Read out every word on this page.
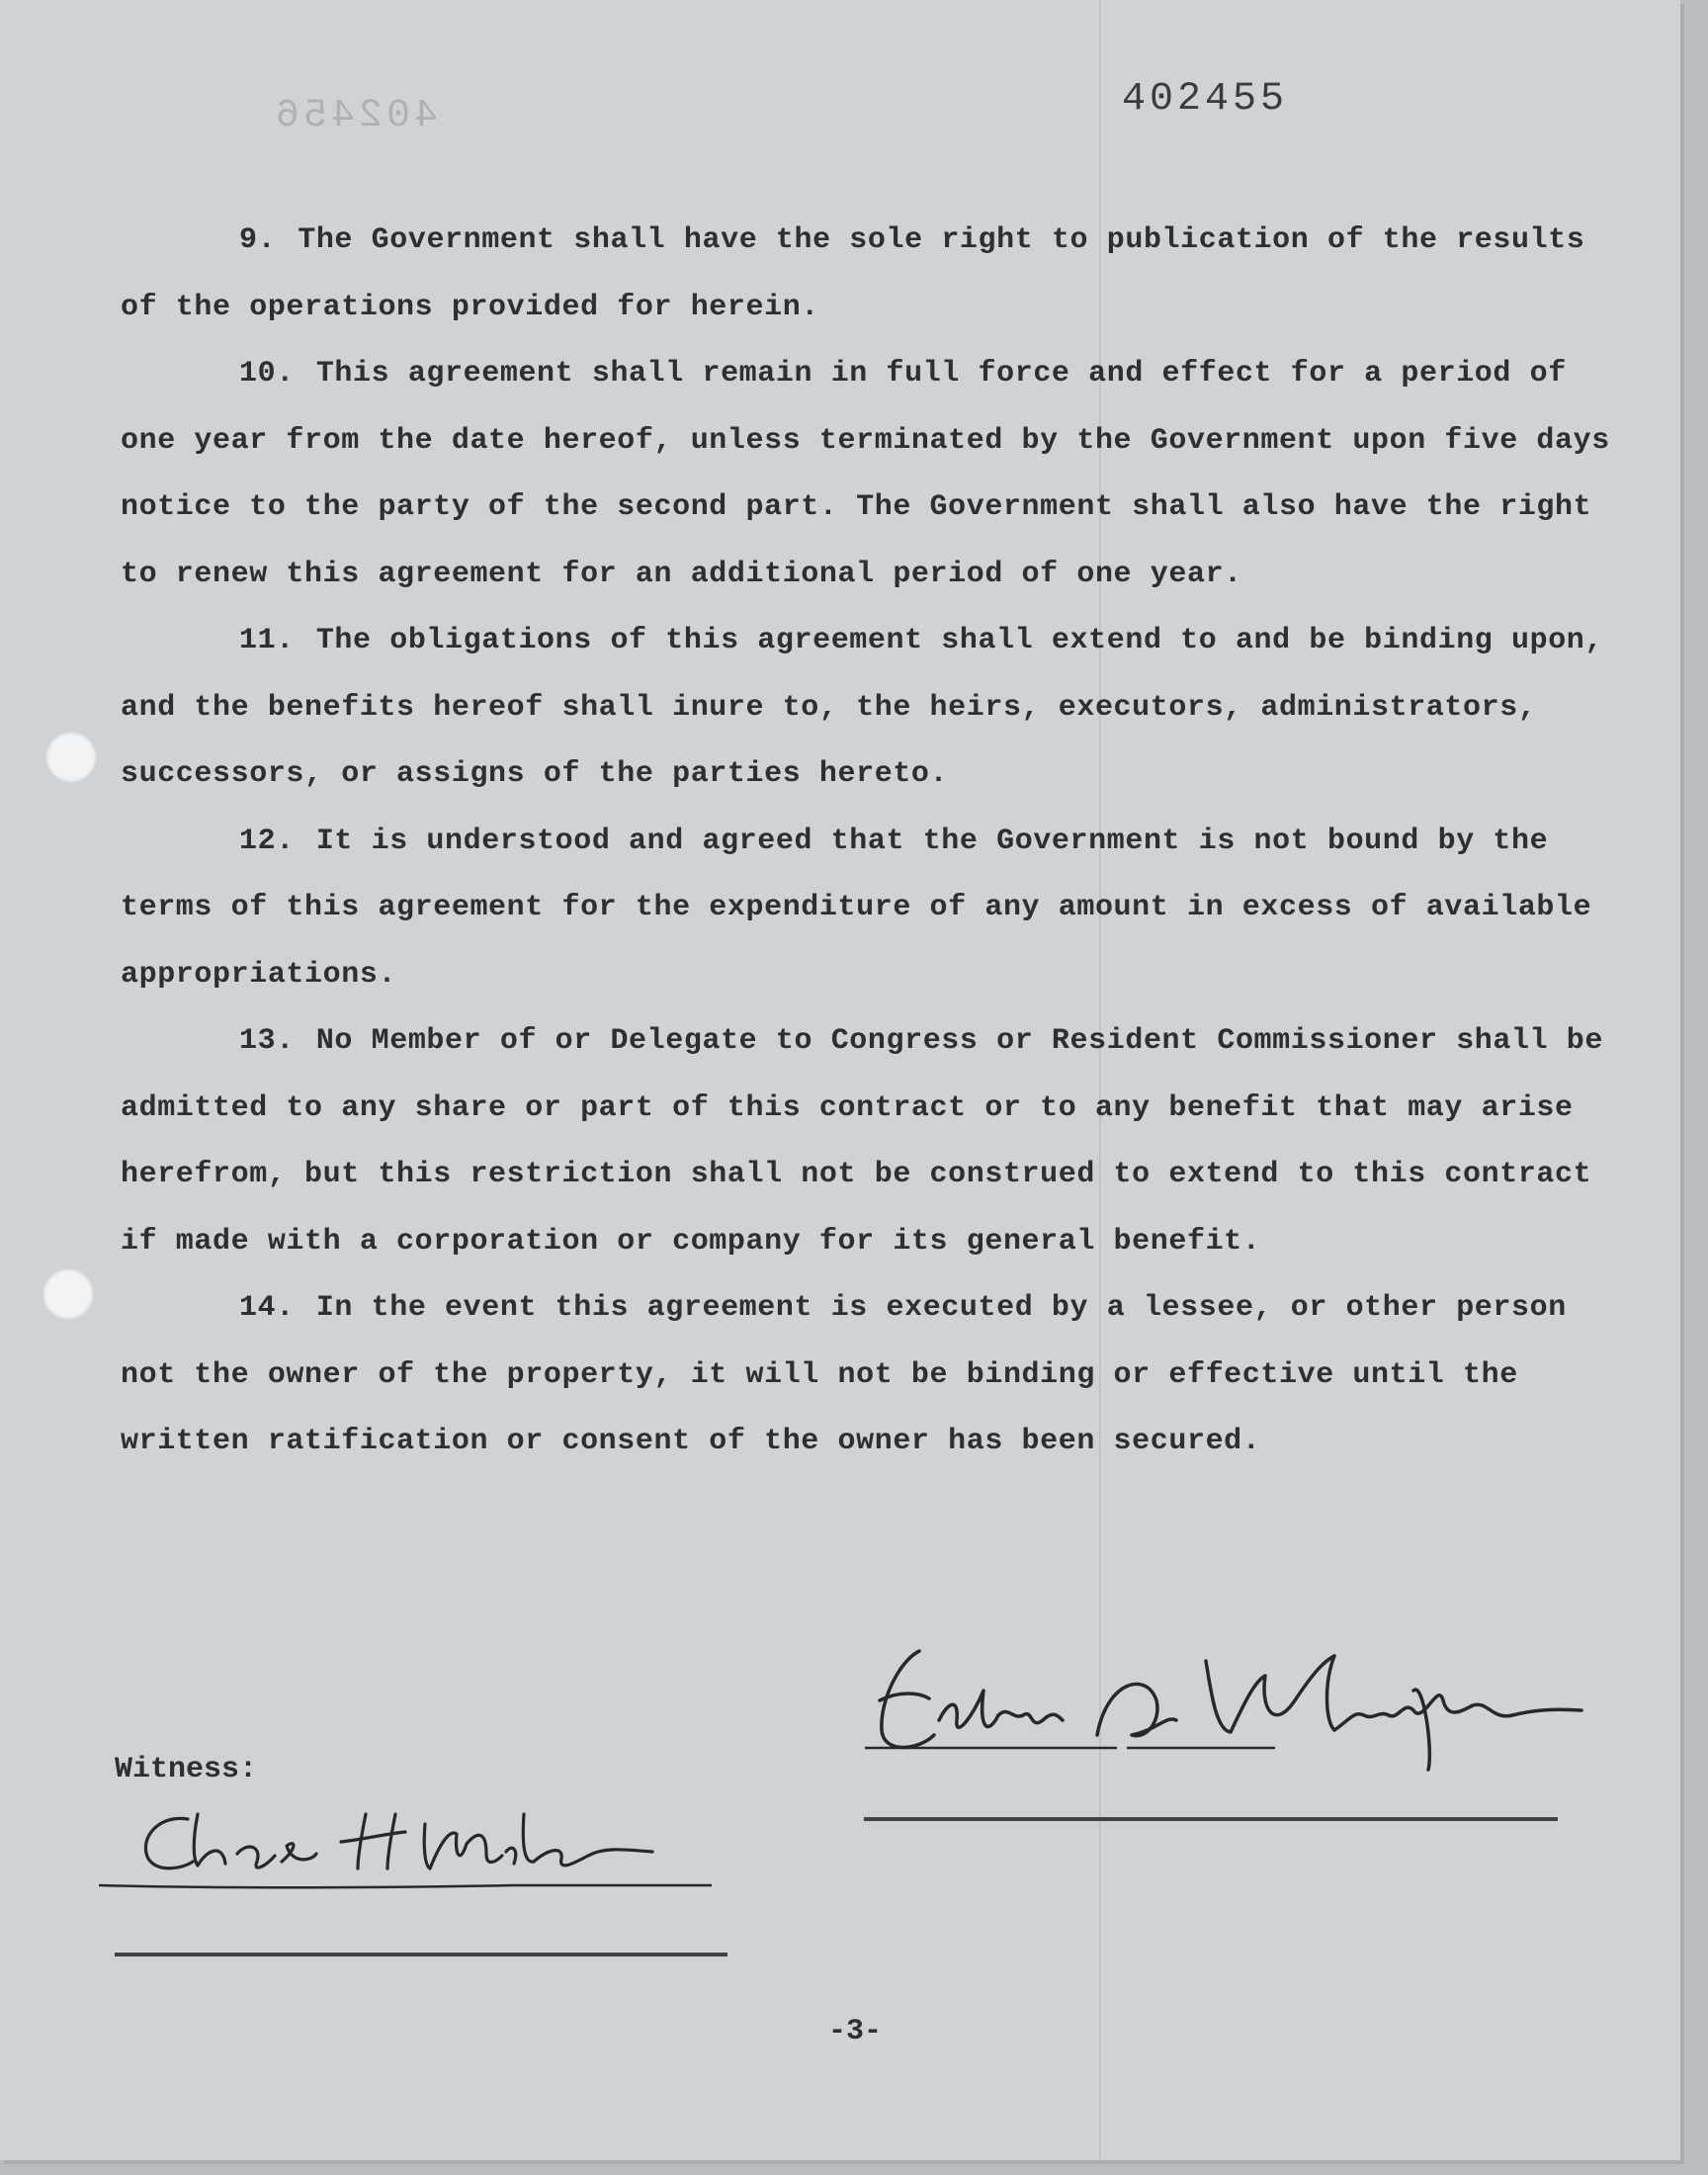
402456	402455

9. The Government shall have the sole right to publication of the results of the operations provided for herein.

10. This agreement shall remain in full force and effect for a period of one year from the date hereof, unless terminated by the Government upon five days notice to the party of the second part. The Government shall also have the right to renew this agreement for an additional period of one year.

11. The obligations of this agreement shall extend to and be binding upon, and the benefits hereof shall inure to, the heirs, executors, administrators, successors, or assigns of the parties hereto.

12. It is understood and agreed that the Government is not bound by the terms of this agreement for the expenditure of any amount in excess of available appropriations.

13. No Member of or Delegate to Congress or Resident Commissioner shall be admitted to any share or part of this contract or to any benefit that may arise herefrom, but this restriction shall not be construed to extend to this contract if made with a corporation or company for its general benefit.

14. In the event this agreement is executed by a lessee, or other person not the owner of the property, it will not be binding or effective until the written ratification or consent of the owner has been secured.

Witness:
-3-
